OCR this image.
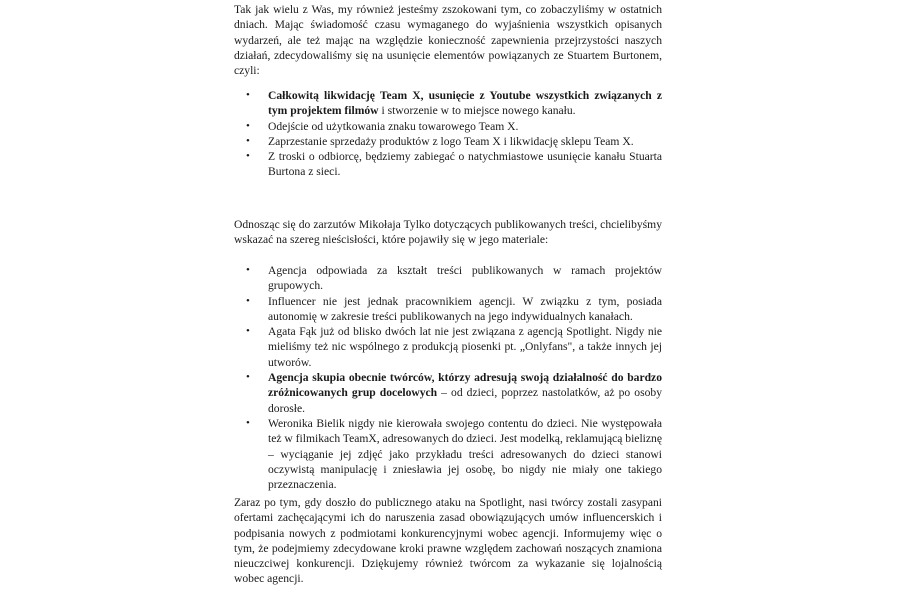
Tak jak wielu z Was, my również jesteśmy zszokowani tym, co zobaczyliśmy w ostatnich dniach. Mając świadomość czasu wymaganego do wyjaśnienia wszystkich opisanych wydarzeń, ale też mając na względzie konieczność zapewnienia przejrzystości naszych działań, zdecydowaliśmy się na usunięcie elementów powiązanych ze Stuartem Burtonem, czyli:

• Całkowitą likwidację Team X, usunięcie z Youtube wszystkich związanych z tym projektem filmów i stworzenie w to miejsce nowego kanału.
• Odejście od użytkowania znaku towarowego Team X.
• Zaprzestanie sprzedaży produktów z logo Team X i likwidację sklepu Team X.
• Z troski o odbiorcę, będziemy zabiegać o natychmiastowe usunięcie kanału Stuarta Burtona z sieci.

Odnosząc się do zarzutów Mikołaja Tylko dotyczących publikowanych treści, chcielibyśmy wskazać na szereg nieścisłości, które pojawiły się w jego materiale:

• Agencja odpowiada za kształt treści publikowanych w ramach projektów grupowych.
• Influencer nie jest jednak pracownikiem agencji. W związku z tym, posiada autonomię w zakresie treści publikowanych na jego indywidualnych kanałach.
• Agata Fąk już od blisko dwóch lat nie jest związana z agencją Spotlight. Nigdy nie mieliśmy też nic wspólnego z produkcją piosenki pt. „Onlyfans", a także innych jej utworów.
• Agencja skupia obecnie twórców, którzy adresują swoją działalność do bardzo zróżnicowanych grup docelowych – od dzieci, poprzez nastolatków, aż po osoby dorosłe.
• Weronika Bielik nigdy nie kierowała swojego contentu do dzieci. Nie występowała też w filmikach TeamX, adresowanych do dzieci. Jest modelką, reklamującą bieliznę – wyciąganie jej zdjęć jako przykładu treści adresowanych do dzieci stanowi oczywistą manipulację i zniesławia jej osobę, bo nigdy nie miały one takiego przeznaczenia.

Zaraz po tym, gdy doszło do publicznego ataku na Spotlight, nasi twórcy zostali zasypani ofertami zachęcającymi ich do naruszenia zasad obowiązujących umów influencerskich i podpisania nowych z podmiotami konkurencyjnymi wobec agencji. Informujemy więc o tym, że podejmiemy zdecydowane kroki prawne względem zachowań noszących znamiona nieuczciwej konkurencji. Dziękujemy również twórcom za wykazanie się lojalnością wobec agencji.
